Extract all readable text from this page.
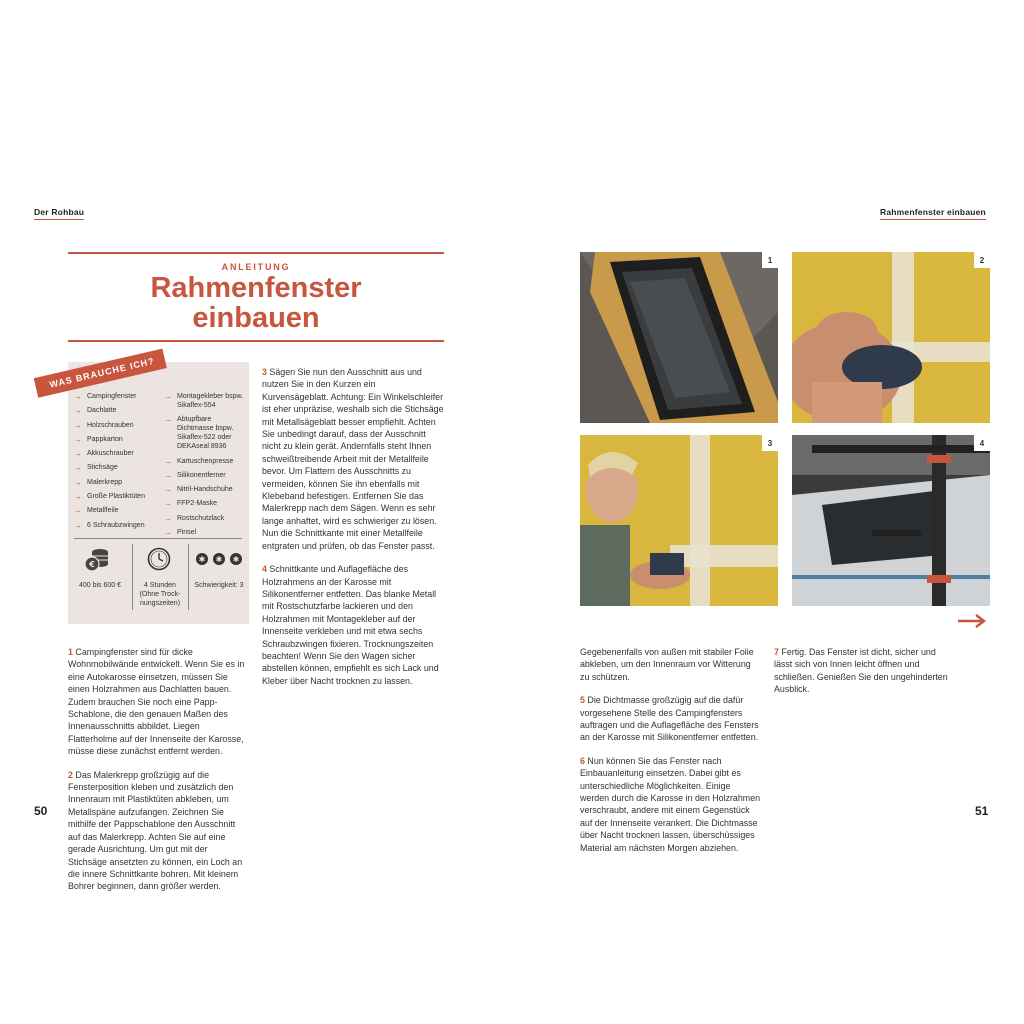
Der Rohbau	Rahmenfenster einbauen
ANLEITUNG
Rahmenfenster
einbauen
→ Campingfenster
→ Dachlatte
→ Holzschrauben
→ Pappkarton
→ Akkuschrauber
→ Stichsäge
→ Malerkrepp
→ Große Plastiktüten
→ Metallfeile
→ 6 Schraubzwingen
→ Montagekleber bspw. Sikaflex-554
→ Abtupfbare Dichtmasse bspw. Sikaflex-522 oder DEKAseal 8936
→ Kartuschenpresse
→ Silikonentferner
→ Nitril-Handschuhe
→ FFP2-Maske
→ Rostschutzlack
→ Pinsel
€
✱ ✱ ✱
400 bis 600 €	4 Stunden (Ohne Trock-nungszeiten)
Schwierigkeit: 3
WAS BRAUCHE ICH?

1 Campingfenster sind für dicke Wohnmobilwände entwickelt. Wenn Sie es in eine Autokarosse einsetzen, müssen Sie einen Holzrahmen aus Dachlatten bauen. Zudem brauchen Sie noch eine Papp-Schablone, die den genauen Maßen des Innenausschnitts abbildet. Liegen Flatterholme auf der Innenseite der Karosse, müsse diese zunächst entfernt werden.

2 Das Malerkrepp großzügig auf die Fensterposition kleben und zusätzlich den Innenraum mit Plastiktüten abkleben, um Metallspäne aufzufangen. Zeichnen Sie mithilfe der Pappschablone den Ausschnitt auf das Malerkrepp. Achten Sie auf eine gerade Ausrichtung. Um gut mit der Stichsäge ansetzten zu können, ein Loch an die innere Schnittkante bohren. Mit kleinem Bohrer beginnen, dann größer werden.

3 Sägen Sie nun den Ausschnitt aus und nutzen Sie in den Kurzen ein Kurvensägeblatt. Achtung: Ein Winkelschleifer ist eher unpräzise, weshalb sich die Stichsäge mit Metallsägeblatt besser empfiehlt. Achten Sie unbedingt darauf, dass der Ausschnitt nicht zu klein gerät. Andernfalls steht Ihnen schweißtreibende Arbeit mit der Metallfeile bevor. Um Flattern des Ausschnitts zu vermeiden, können Sie ihn ebenfalls mit Klebeband befestigen. Entfernen Sie das Malerkrepp nach dem Sägen. Wenn es sehr lange anhaftet, wird es schwieriger zu lösen. Nun die Schnittkante mit einer Metallfeile entgraten und prüfen, ob das Fenster passt.

4 Schnittkante und Auflagefläche des Holzrahmens an der Karosse mit Silikonentferner entfetten. Das blanke Metall mit Rostschutzfarbe lackieren und den Holzrahmen mit Montagekleber auf der Innenseite verkleben und mit etwa sechs Schraubzwingen fixieren. Trocknungszeiten beachten! Wenn Sie den Wagen sicher abstellen können, empfiehlt es sich Lack und Kleber über Nacht trocknen zu lassen.

1	2
3	4

Gegebenenfalls von außen mit stabiler Folie abkleben, um den Innenraum vor Witterung zu schützen.

5 Die Dichtmasse großzügig auf die dafür vorgesehene Stelle des Campingfensters auftragen und die Auflagefläche des Fensters an der Karosse mit Silikonentferner entfetten.

6 Nun können Sie das Fenster nach Einbauanleitung einsetzen. Dabei gibt es unterschiedliche Möglichkeiten. Einige werden durch die Karosse in den Holzrahmen verschraubt, andere mit einem Gegenstück auf der Innenseite verankert. Die Dichtmasse über Nacht trocknen lassen, überschüssiges Material am nächsten Morgen abziehen.

7 Fertig. Das Fenster ist dicht, sicher und lässt sich von Innen leicht öffnen und schließen. Genießen Sie den ungehinderten Ausblick.

50	51
